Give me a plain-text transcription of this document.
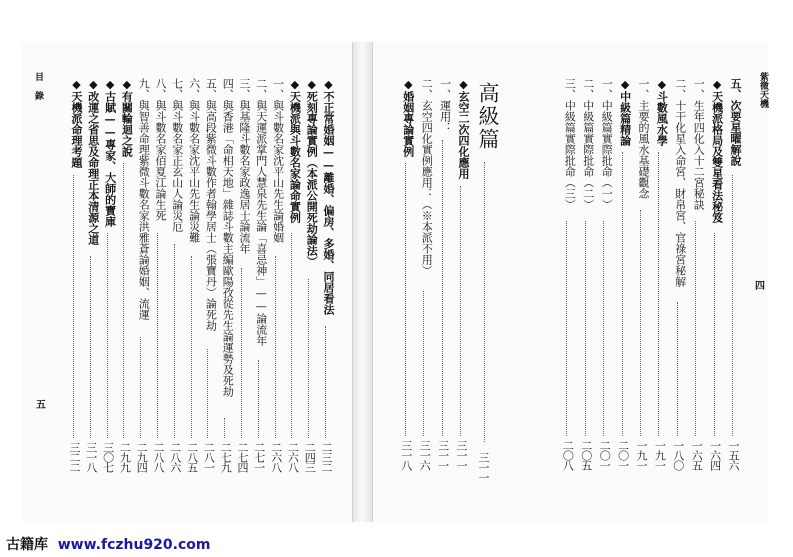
目 錄
五
◆不正常婚姻——離婚、偏房、多婚、同居看法
二三二
◆死刻專論實例（本派公開死劫論法）
二四三
◆天機派與斗數名家論命實例
二六八
一、與斗數名家沈平山先生論婚姻
二六八
二、與天運派掌門人慧泉先生論「喜忌神」——論流年
二七一
三、與基隆斗數名家政逸居士論流年
二七四
四、與香港「命相天地」雜誌斗數主編歐陽孜從先生論運勢及死劫
二七九
五、與高段紫微斗數作者翰學居士（張寶丹）論死劫
二八一
六、與斗數名家沈平山先生論災難
二八五
七、與斗數名家正玄山人論災厄
二八六
八、與斗數名家佰夏江論生死
二八八
九、與智善命理紫微斗數名家洪雅蒼論婚姻、流運
二九四
◆有關輪迴之說
二九九
◆古賦——專家、大師的寶庫
三〇七
◆改運之省思及命理正本清源之道
三一八
◆天機派命理考題
三二二
紫微天機
四
五、次要星曜解說
一五六
◆天機派格局及雙星看法秘笈
一六四
一、生年四化入十二宮秘訣
一六五
二、十干化星入命宮、財帛宮、官祿宮秘解
一八〇
◆斗數風水學
一九一
一、主要的風水基礎觀念
一九一
◆中級篇精論
二〇一
一、中級篇實際批命（一）
二〇一
二、中級篇實際批命（二）
二〇五
三、中級篇實際批命（三）
二〇八
◆玄空二次四化應用
三一一
一、運用：
三一一
二、玄空四化實例應用：（※本派不用）
三一六
◆婚姻專論實例
三一八
高級篇
三一一
古籍库 www.fczhu920.com
